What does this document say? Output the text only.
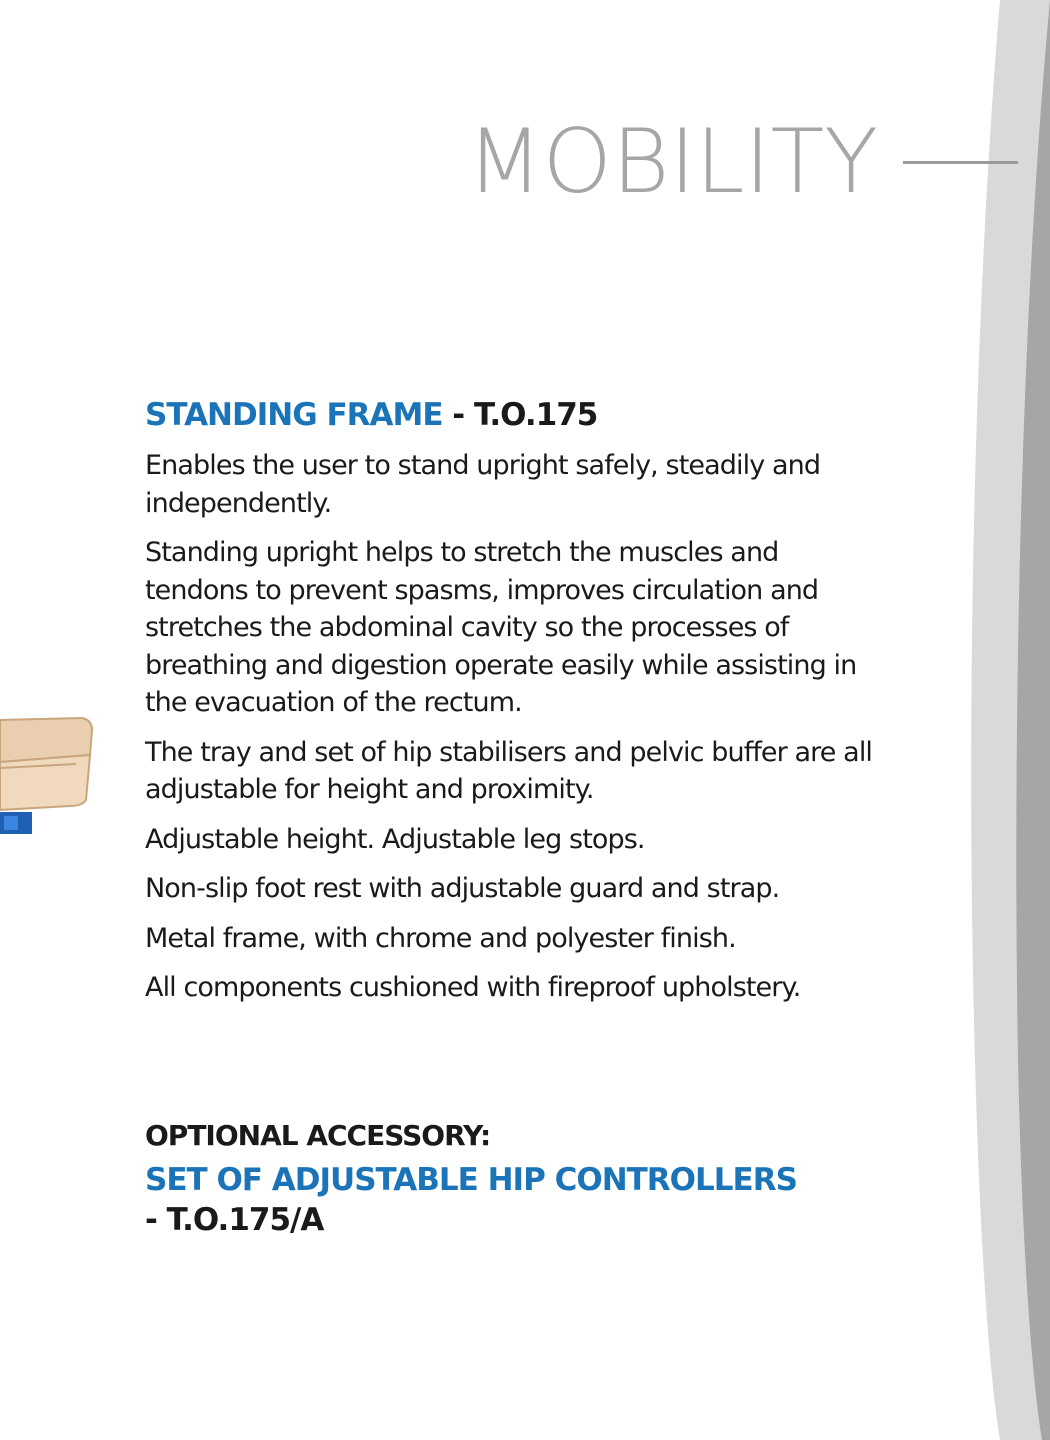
MOBILITY
STANDING FRAME - T.O.175

Enables the user to stand upright safely, steadily and independently.

Standing upright helps to stretch the muscles and tendons to prevent spasms, improves circulation and stretches the abdominal cavity so the processes of breathing and digestion operate easily while assisting in the evacuation of the rectum.

The tray and set of hip stabilisers and pelvic buffer are all adjustable for height and proximity.

Adjustable height. Adjustable leg stops.

Non-slip foot rest with adjustable guard and strap.

Metal frame, with chrome and polyester finish.

All components cushioned with fireproof upholstery.

OPTIONAL ACCESSORY:

SET OF ADJUSTABLE HIP CONTROLLERS

- T.O.175/A
